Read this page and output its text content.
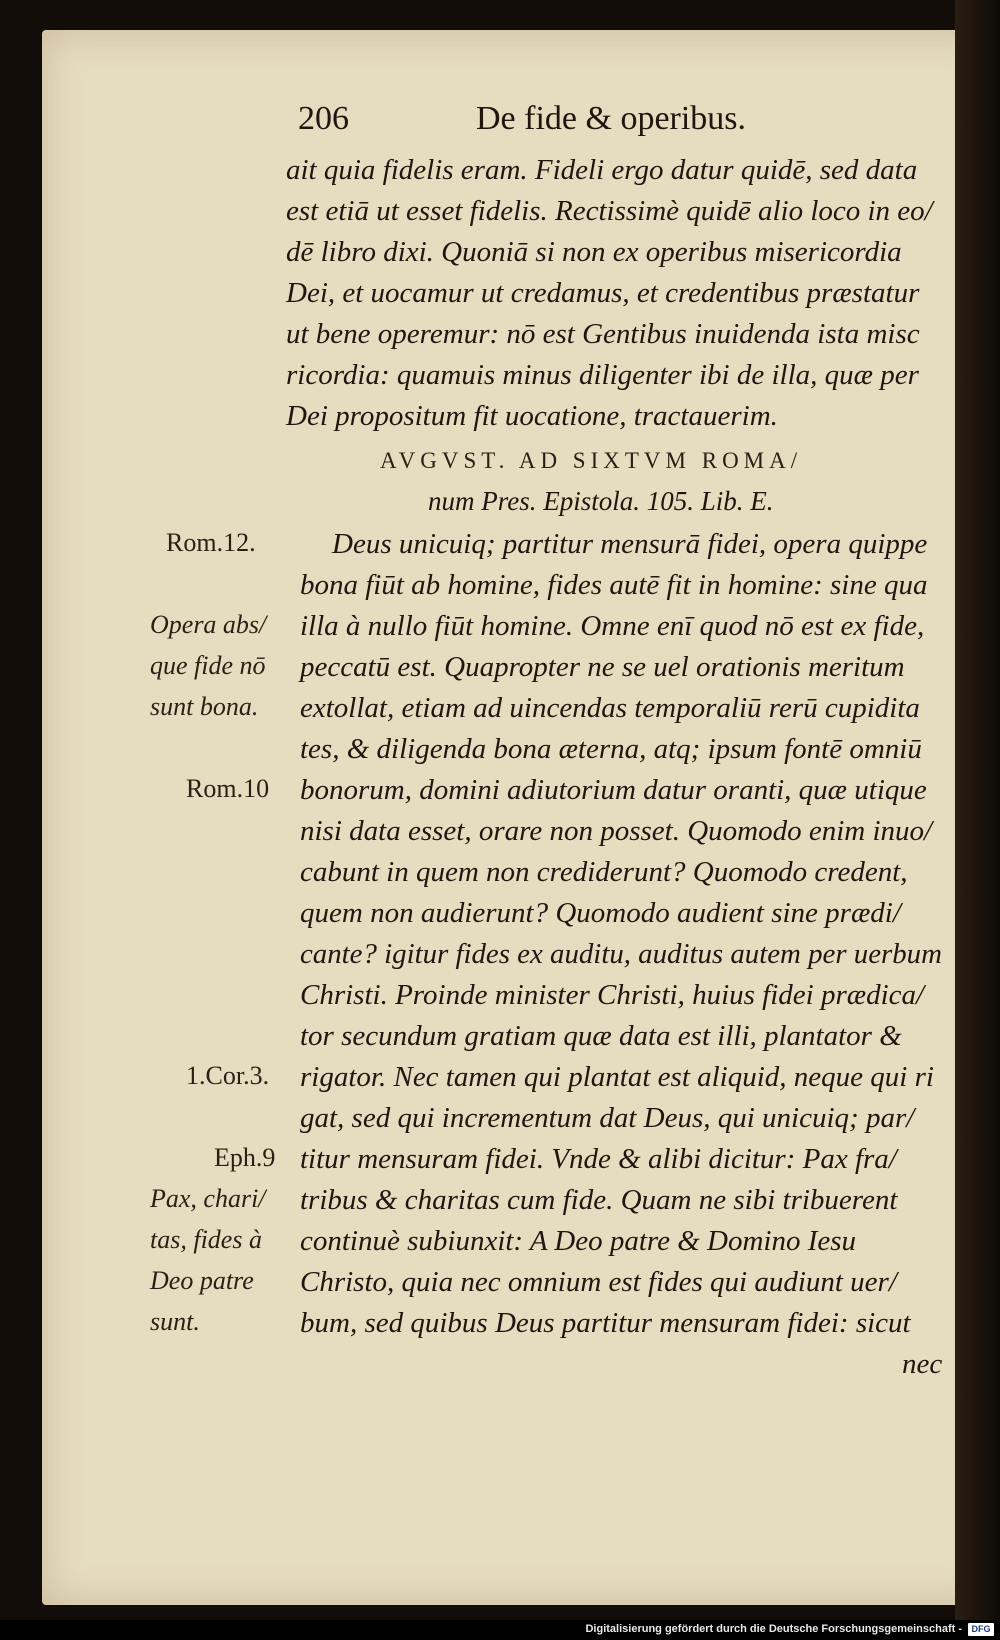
206	De fide & operibus.
ait quia fidelis eram. Fideli ergo datur quidē, sed data
est etiā ut esset fidelis. Rectissimè quidē alio loco in eo/
dē libro dixi. Quoniā si non ex operibus misericordia
Dei, et uocamur ut credamus, et credentibus præstatur
ut bene operemur: nō est Gentibus inuidenda ista misc
ricordia: quamuis minus diligenter ibi de illa, quæ per
Dei propositum fit uocatione, tractauerim.
AVGVST. AD SIXTVM ROMA/
num Pres. Epistola. 105. Lib. E.
Deus unicuiq; partitur mensurā fidei, opera quippe
bona fiūt ab homine, fides autē fit in homine: sine qua
illa à nullo fiūt homine. Omne enī quod nō est ex fide,
peccatū est. Quapropter ne se uel orationis meritum
extollat, etiam ad uincendas temporaliū rerū cupidita
tes, & diligenda bona æterna, atq; ipsum fontē omniū
bonorum, domini adiutorium datur oranti, quæ utique
nisi data esset, orare non posset. Quomodo enim inuo/
cabunt in quem non crediderunt? Quomodo credent,
quem non audierunt? Quomodo audient sine prædi/
cante? igitur fides ex auditu, auditus autem per uerbum
Christi. Proinde minister Christi, huius fidei prædica/
tor secundum gratiam quæ data est illi, plantator &
rigator. Nec tamen qui plantat est aliquid, neque qui ri
gat, sed qui incrementum dat Deus, qui unicuiq; par/
titur mensuram fidei. Vnde & alibi dicitur: Pax fra/
tribus & charitas cum fide. Quam ne sibi tribuerent
continuè subiunxit: A Deo patre & Domino Iesu
Christo, quia nec omnium est fides qui audiunt uer/
bum, sed quibus Deus partitur mensuram fidei: sicut
nec
Rom.12.
Opera abs/
que fide nō
sunt bona.
Rom.10
1.Cor.3.
Eph.9
Pax, chari/
tas, fides à
Deo patre
sunt.
Digitalisierung gefördert durch die Deutsche Forschungsgemeinschaft -	DFG
